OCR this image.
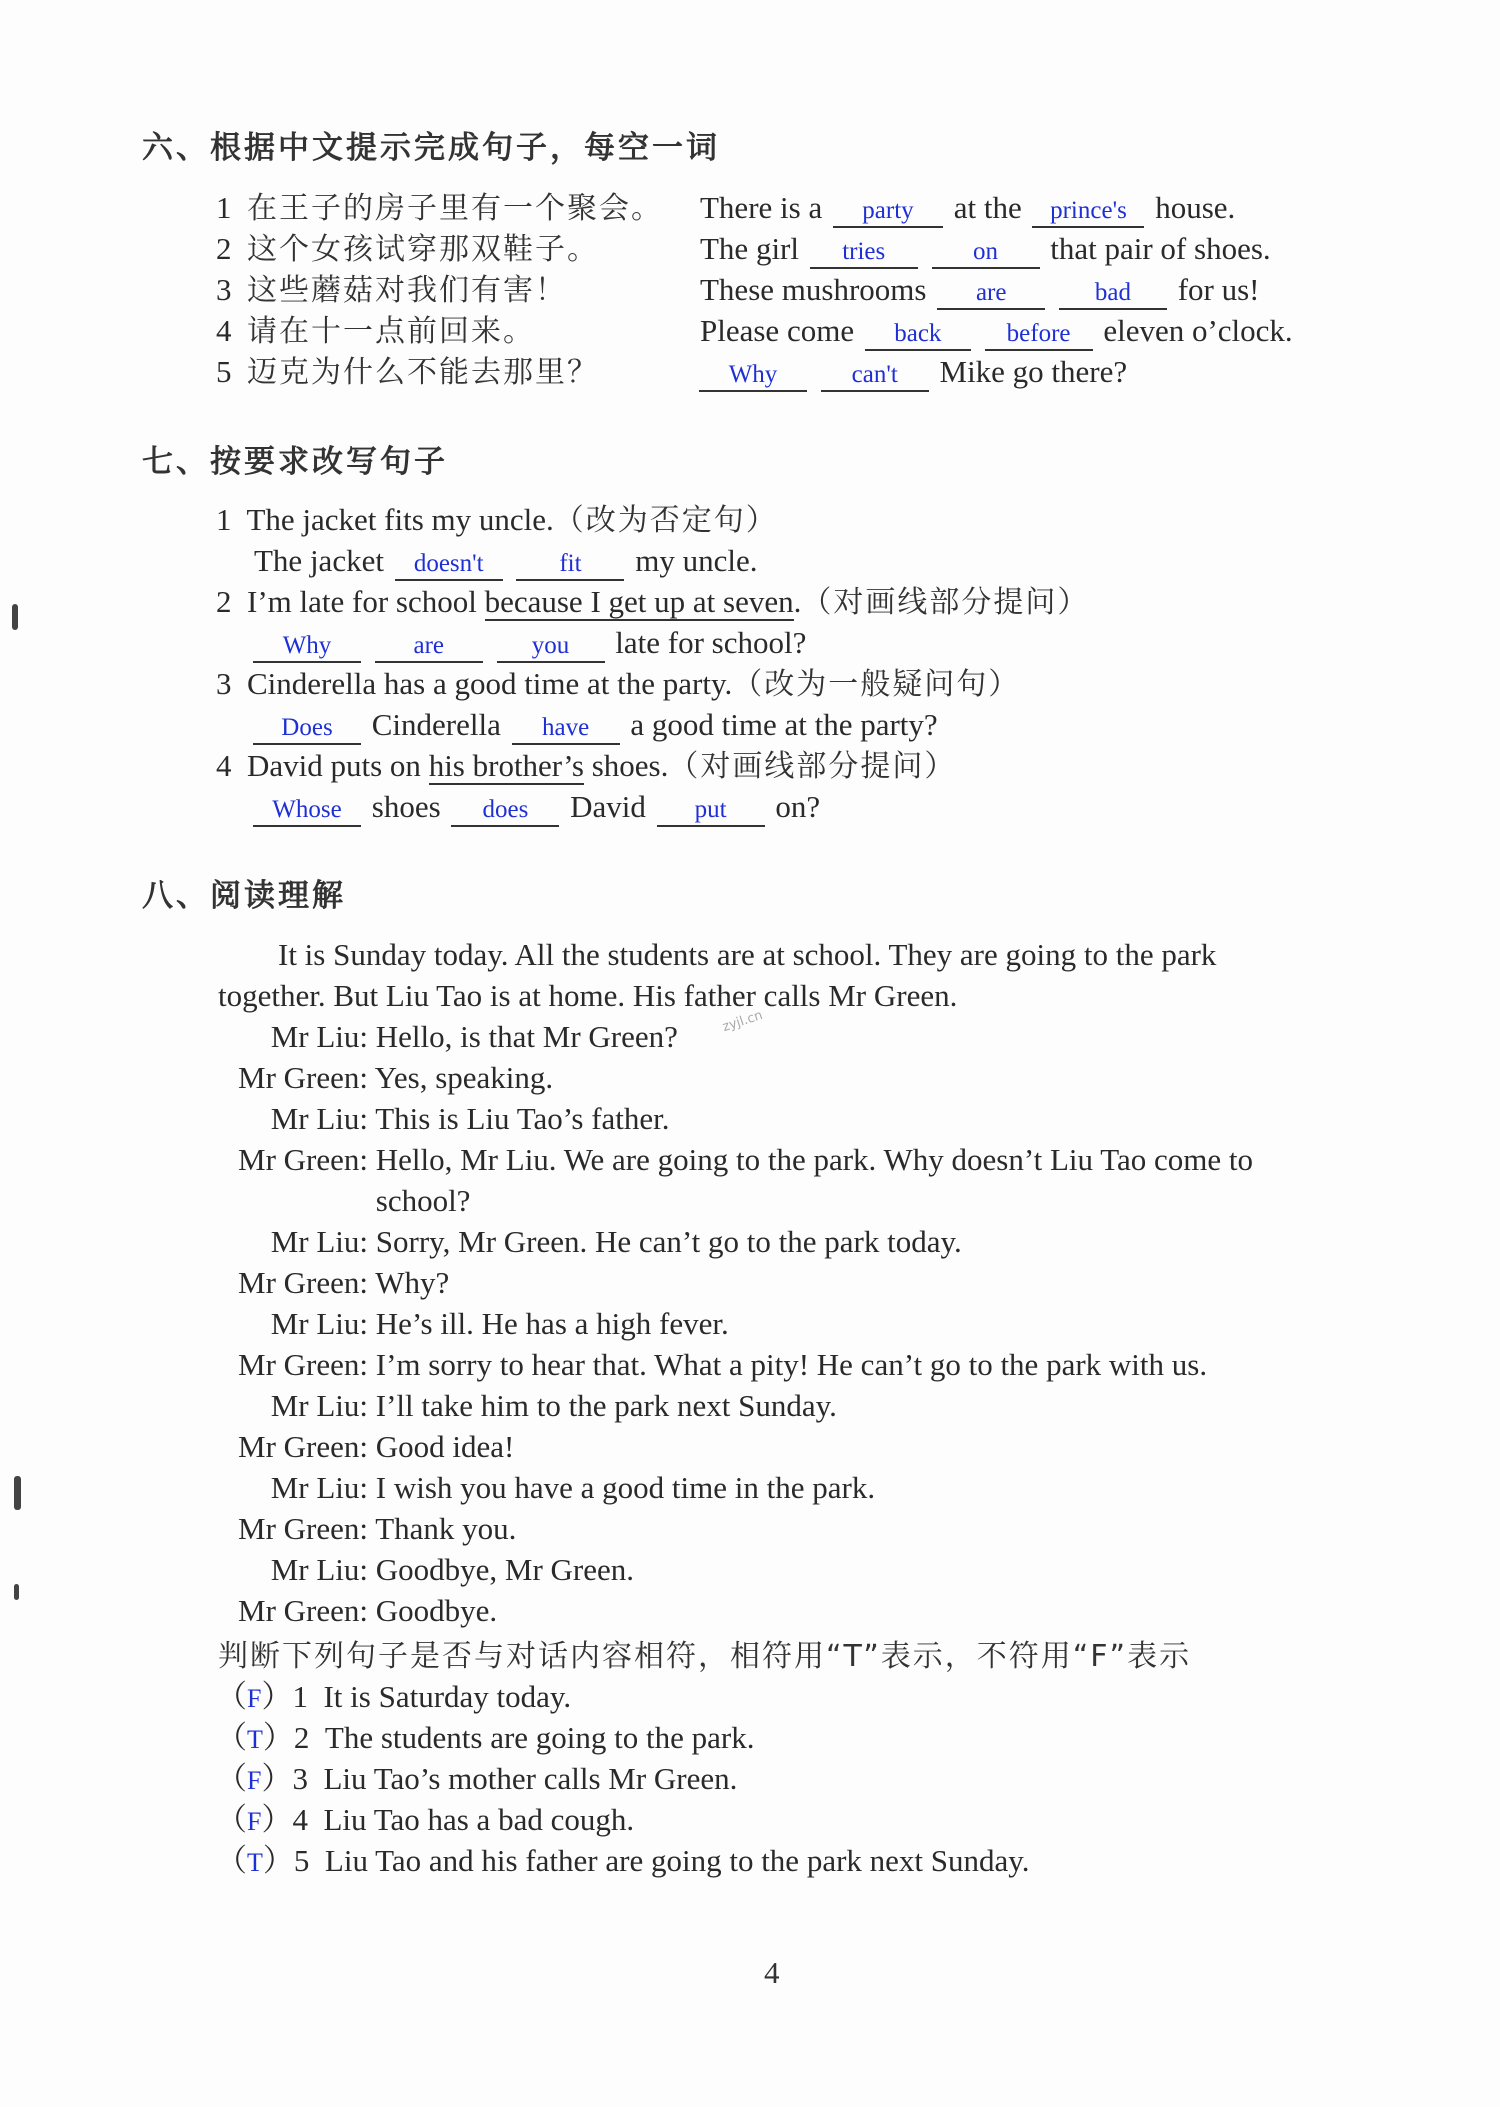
六、根据中文提示完成句子，每空一词
1 在王子的房子里有一个聚会。 There is a party at the prince's house.
2 这个女孩试穿那双鞋子。	The girl tries	on that pair of shoes.
3 这些蘑菇对我们有害！	These mushrooms are	bad for us!
4 请在十一点前回来。	Please come back	before eleven o’clock.
5 迈克为什么不能去那里？	Why	can't Mike go there?
七、按要求改写句子
1 The jacket fits my uncle.（改为否定句）
The jacket doesn't	fit my uncle.
2 I’m late for school because I get up at seven.（对画线部分提问）
Why	are	you late for school?
3 Cinderella has a good time at the party.（改为一般疑问句）
Does Cinderella have a good time at the party?
4 David puts on his brother’s shoes.（对画线部分提问）
Whose shoes does David put on?
八、阅读理解
It is Sunday today. All the students are at school. They are going to the park
together. But Liu Tao is at home. His father calls Mr Green.
Mr Liu: Hello, is that Mr Green?
Mr Green: Yes, speaking.
Mr Liu: This is Liu Tao’s father.
Mr Green: Hello, Mr Liu. We are going to the park. Why doesn’t Liu Tao come to
school?
Mr Liu: Sorry, Mr Green. He can’t go to the park today.
Mr Green: Why?
Mr Liu: He’s ill. He has a high fever.
Mr Green: I’m sorry to hear that. What a pity! He can’t go to the park with us.
Mr Liu: I’ll take him to the park next Sunday.
Mr Green: Good idea!
Mr Liu: I wish you have a good time in the park.
Mr Green: Thank you.
Mr Liu: Goodbye, Mr Green.
Mr Green: Goodbye.
zyjl.cn
判断下列句子是否与对话内容相符，相符用“T”表示，不符用“F”表示
（F）1 It is Saturday today.
（T）2 The students are going to the park.
（F）3 Liu Tao’s mother calls Mr Green.
（F）4 Liu Tao has a bad cough.
（T）5 Liu Tao and his father are going to the park next Sunday.
4
